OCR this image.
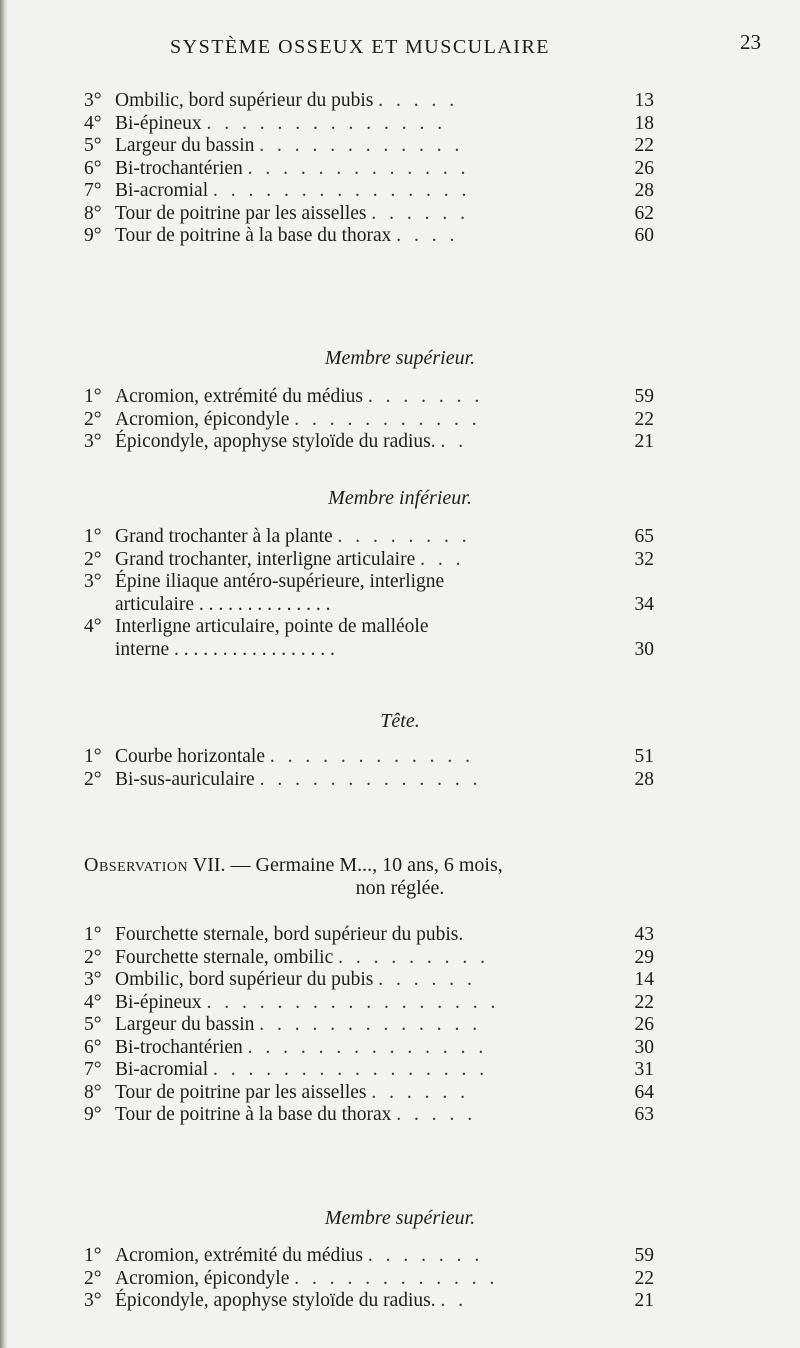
SYSTÈME OSSEUX ET MUSCULAIRE	23
3° Ombilic, bord supérieur du pubis . . . . .	13
4° Bi-épineux . . . . . . . . . . . . . .	18
5° Largeur du bassin . . . . . . . . . . . .	22
6° Bi-trochantérien . . . . . . . . . . . . .	26
7° Bi-acromial . . . . . . . . . . . . . . .	28
8° Tour de poitrine par les aisselles . . . . . .	62
9° Tour de poitrine à la base du thorax . . . .	60
Membre supérieur.
1° Acromion, extrémité du médius . . . . . . .	59
2° Acromion, épicondyle . . . . . . . . . . .	22
3° Épicondyle, apophyse styloïde du radius. . .	21
Membre inférieur.
1° Grand trochanter à la plante . . . . . . . .	65
2° Grand trochanter, interligne articulaire . . .	32
3° Épine iliaque antéro-supérieure, interligne
articulaire . . . . . . . . . . . . . .	34
4° Interligne articulaire, pointe de malléole
interne . . . . . . . . . . . . . . . . .	30
Tête.
1° Courbe horizontale . . . . . . . . . . . .	51
2° Bi-sus-auriculaire . . . . . . . . . . . . .	28
Observation VII. — Germaine M..., 10 ans, 6 mois,
non réglée.
1° Fourchette sternale, bord supérieur du pubis.	43
2° Fourchette sternale, ombilic . . . . . . . . .	29
3° Ombilic, bord supérieur du pubis . . . . . .	14
4° Bi-épineux . . . . . . . . . . . . . . . . .	22
5° Largeur du bassin . . . . . . . . . . . . .	26
6° Bi-trochantérien . . . . . . . . . . . . . .	30
7° Bi-acromial . . . . . . . . . . . . . . . .	31
8° Tour de poitrine par les aisselles . . . . . .	64
9° Tour de poitrine à la base du thorax . . . . .	63
Membre supérieur.
1° Acromion, extrémité du médius . . . . . . .	59
2° Acromion, épicondyle . . . . . . . . . . . .	22
3° Épicondyle, apophyse styloïde du radius. . .	21
